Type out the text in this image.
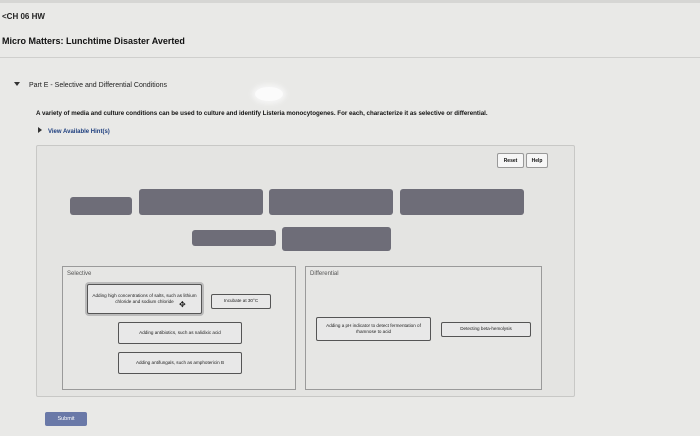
<CH 06 HW
Micro Matters: Lunchtime Disaster Averted
Part E - Selective and Differential Conditions
A variety of media and culture conditions can be used to culture and identify Listeria monocytogenes. For each, characterize it as selective or differential.
View Available Hint(s)
Reset	Help
Selective	Differential
Adding high concentrations of salts, such as lithium chloride and sodium chloride	Incubate at 30°C
Adding antibiotics, such as nalidixic acid
Adding antifungals, such as amphotericin B
Adding a pH indicator to detect fermentation of rhamnose to acid
Detecting beta-hemolysis
✥
Submit
